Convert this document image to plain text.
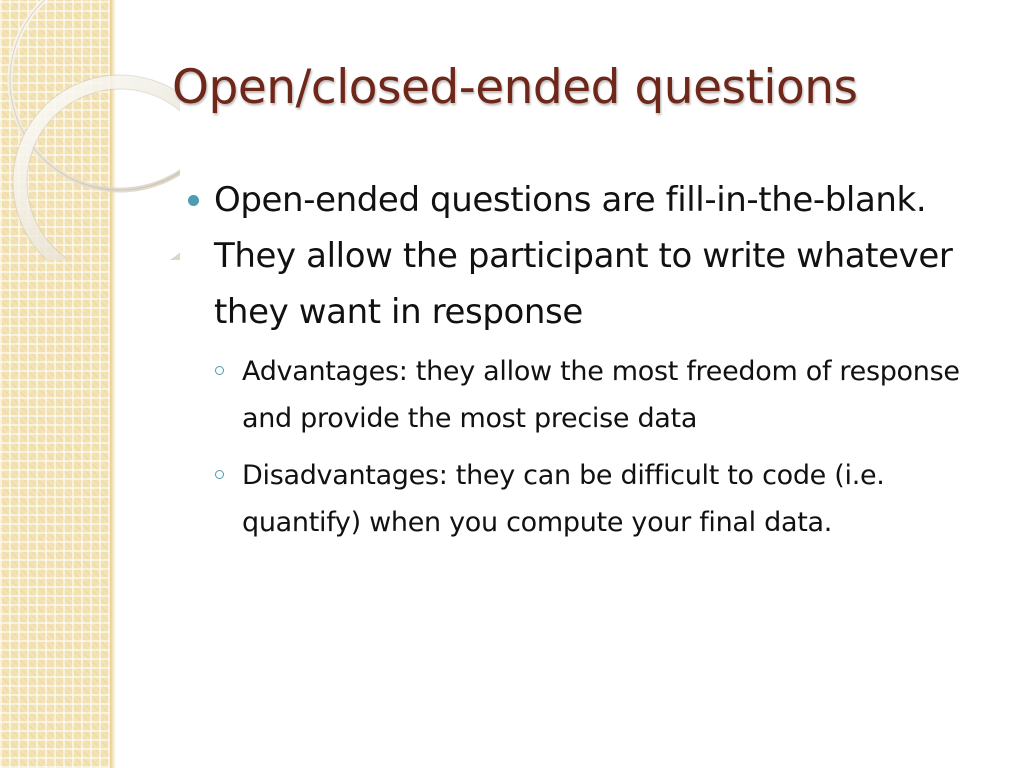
Open/closed-ended questions
Open-ended questions are fill-in-the-blank. They allow the participant to write whatever they want in response
Advantages: they allow the most freedom of response and provide the most precise data
Disadvantages: they can be difficult to code (i.e. quantify) when you compute your final data.
